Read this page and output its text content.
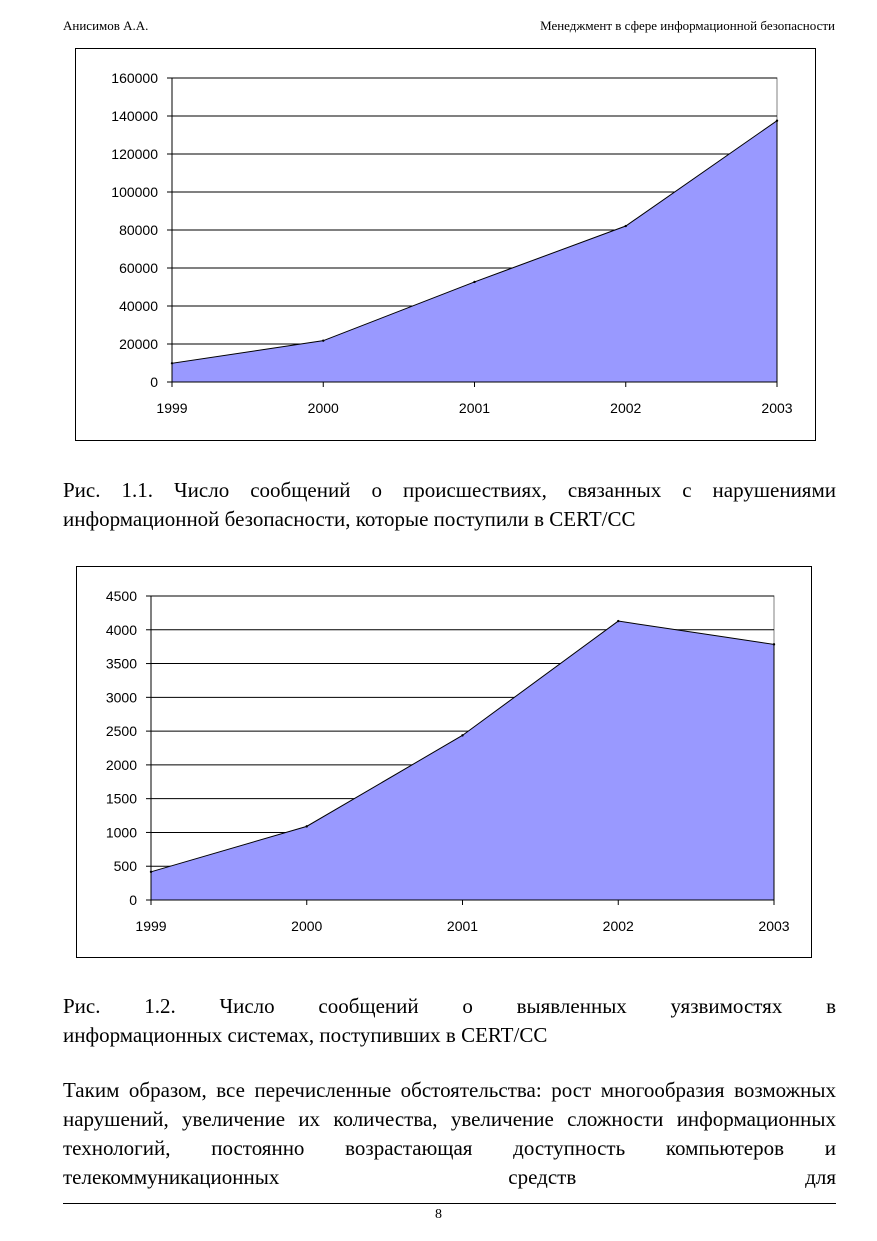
Анисимов А.А.	Менеджмент в сфере информационной безопасности
0
20000
40000
60000
80000
100000
120000
140000
160000
1999	2000	2001	2002	2003
Рис. 1.1. Число сообщений о происшествиях, связанных с нарушениями информационной безопасности, которые поступили в CERT/CC
0
500
1000
1500
2000
2500
3000
3500
4000
4500
1999	2000	2001	2002	2003
Рис. 1.2. Число сообщений о выявленных уязвимостях в
информационных системах, поступивших в CERT/CC
Таким образом, все перечисленные обстоятельства: рост многообразия возможных нарушений, увеличение их количества, увеличение сложности информационных технологий, постоянно возрастающая доступность компьютеров и телекоммуникационных средств для
8
